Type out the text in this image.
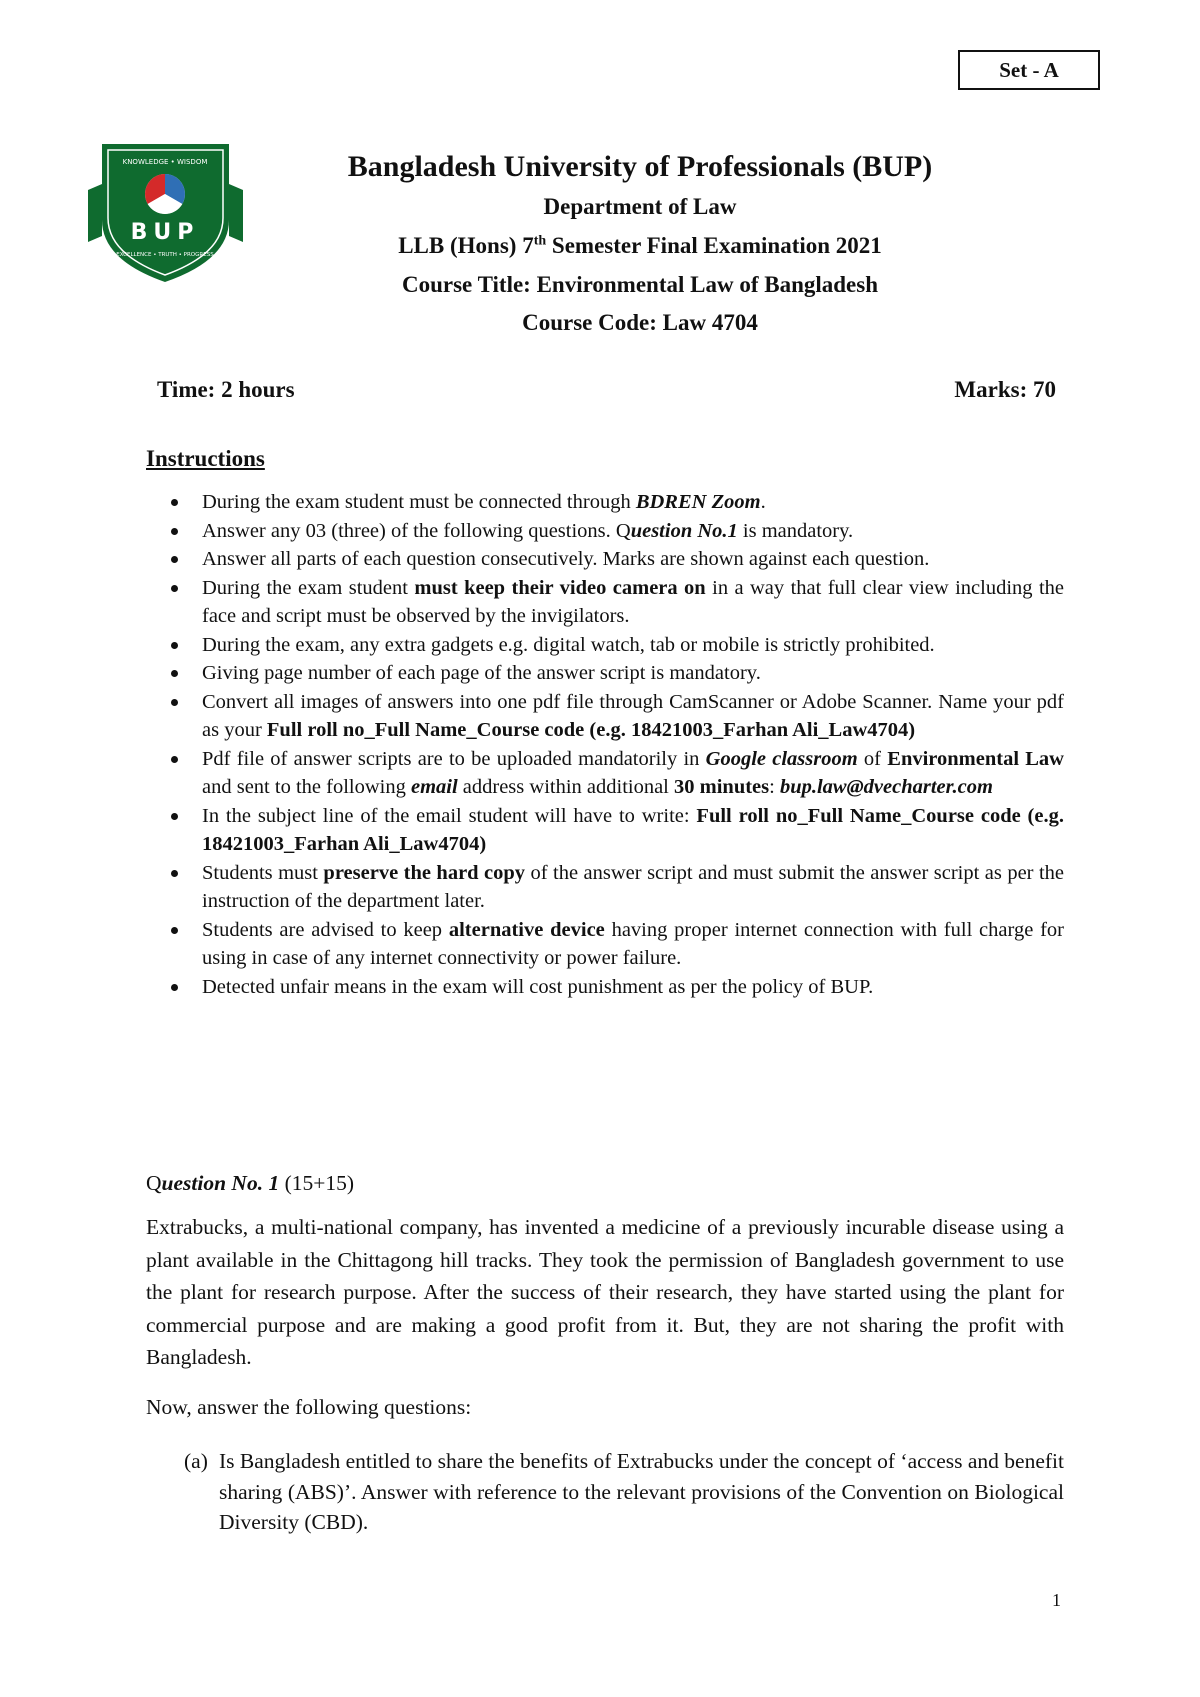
Set - A
KNOWLEDGE • WISDOM
BUP
EXCELLENCE • TRUTH • PROGRESS
Bangladesh University of Professionals (BUP)
Department of Law
LLB (Hons) 7th Semester Final Examination 2021
Course Title: Environmental Law of Bangladesh
Course Code: Law 4704
Time: 2 hours	Marks: 70
Instructions
During the exam student must be connected through BDREN Zoom.
Answer any 03 (three) of the following questions. Question No.1 is mandatory.
Answer all parts of each question consecutively. Marks are shown against each question.
During the exam student must keep their video camera on in a way that full clear view including the face and script must be observed by the invigilators.
During the exam, any extra gadgets e.g. digital watch, tab or mobile is strictly prohibited.
Giving page number of each page of the answer script is mandatory.
Convert all images of answers into one pdf file through CamScanner or Adobe Scanner. Name your pdf as your Full roll no_Full Name_Course code (e.g. 18421003_Farhan Ali_Law4704)
Pdf file of answer scripts are to be uploaded mandatorily in Google classroom of Environmental Law and sent to the following email address within additional 30 minutes: bup.law@dvecharter.com
In the subject line of the email student will have to write: Full roll no_Full Name_Course code (e.g. 18421003_Farhan Ali_Law4704)
Students must preserve the hard copy of the answer script and must submit the answer script as per the instruction of the department later.
Students are advised to keep alternative device having proper internet connection with full charge for using in case of any internet connectivity or power failure.
Detected unfair means in the exam will cost punishment as per the policy of BUP.
Question No. 1 (15+15)

Extrabucks, a multi-national company, has invented a medicine of a previously incurable disease using a plant available in the Chittagong hill tracks. They took the permission of Bangladesh government to use the plant for research purpose. After the success of their research, they have started using the plant for commercial purpose and are making a good profit from it. But, they are not sharing the profit with Bangladesh.

Now, answer the following questions:
(a) Is Bangladesh entitled to share the benefits of Extrabucks under the concept of ‘access and benefit sharing (ABS)’. Answer with reference to the relevant provisions of the Convention on Biological Diversity (CBD).
1
